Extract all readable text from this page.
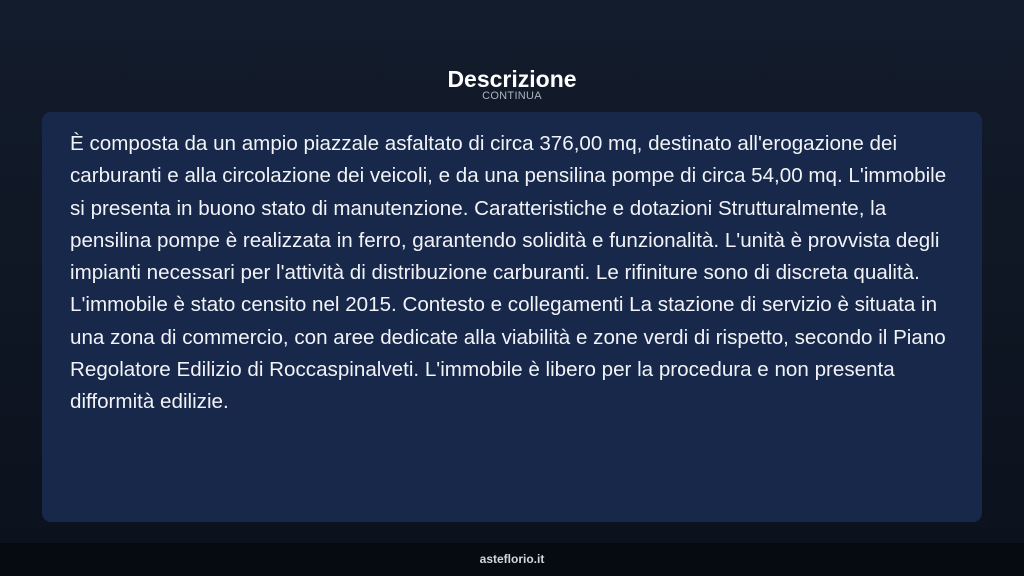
Descrizione
CONTINUA

È composta da un ampio piazzale asfaltato di circa 376,00 mq, destinato all'erogazione dei carburanti e alla circolazione dei veicoli, e da una pensilina pompe di circa 54,00 mq. L'immobile si presenta in buono stato di manutenzione. Caratteristiche e dotazioni Strutturalmente, la pensilina pompe è realizzata in ferro, garantendo solidità e funzionalità. L'unità è provvista degli impianti necessari per l'attività di distribuzione carburanti. Le rifiniture sono di discreta qualità. L'immobile è stato censito nel 2015. Contesto e collegamenti La stazione di servizio è situata in una zona di commercio, con aree dedicate alla viabilità e zone verdi di rispetto, secondo il Piano Regolatore Edilizio di Roccaspinalveti. L'immobile è libero per la procedura e non presenta difformità edilizie.

asteflorio.it
